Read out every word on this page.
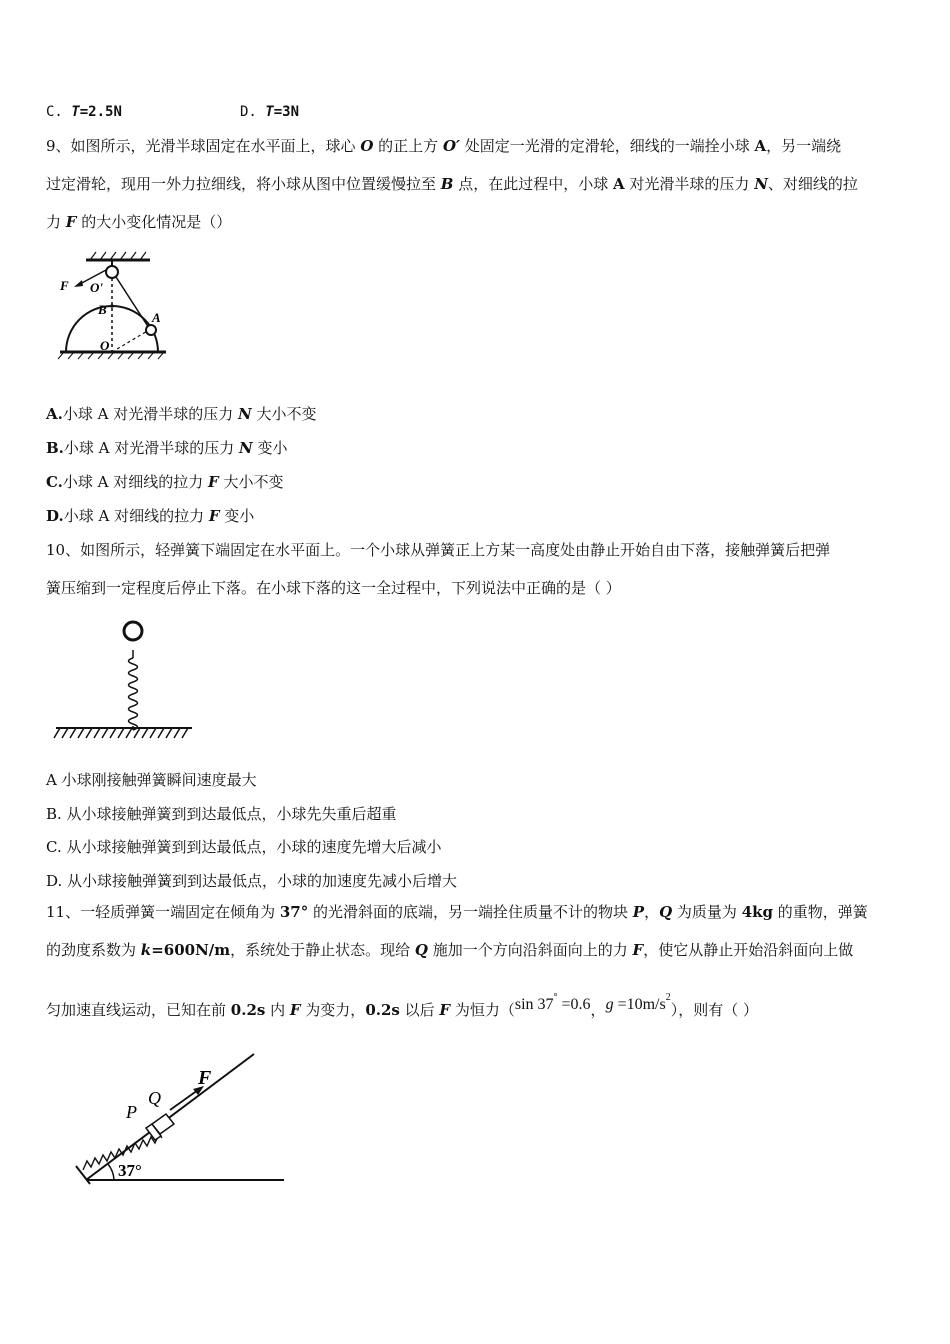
C. T=2.5N	D. T=3N
9、如图所示，光滑半球固定在水平面上，球心 O 的正上方 O′ 处固定一光滑的定滑轮，细线的一端拴小球 A，另一端绕
过定滑轮，现用一外力拉细线，将小球从图中位置缓慢拉至 B 点，在此过程中，小球 A 对光滑半球的压力 N、对细线的拉
力 F 的大小变化情况是（）
F O'
B
A
O
A.小球 A 对光滑半球的压力 N 大小不变
B.小球 A 对光滑半球的压力 N 变小
C.小球 A 对细线的拉力 F 大小不变
D.小球 A 对细线的拉力 F 变小
10、如图所示，轻弹簧下端固定在水平面上。一个小球从弹簧正上方某一高度处由静止开始自由下落，接触弹簧后把弹
簧压缩到一定程度后停止下落。在小球下落的这一全过程中，下列说法中正确的是（ ）
A 小球刚接触弹簧瞬间速度最大
B. 从小球接触弹簧到到达最低点，小球先失重后超重
C. 从小球接触弹簧到到达最低点，小球的速度先增大后减小
D. 从小球接触弹簧到到达最低点，小球的加速度先减小后增大
11、一轻质弹簧一端固定在倾角为 37° 的光滑斜面的底端，另一端拴住质量不计的物块 P，Q 为质量为 4kg 的重物，弹簧
的劲度系数为 k=600N/m，系统处于静止状态。现给 Q 施加一个方向沿斜面向上的力 F，使它从静止开始沿斜面向上做
匀加速直线运动，已知在前 0.2s 内 F 为变力，0.2s 以后 F 为恒力（sin 37° =0.6，$g =10m/s^2$），则有（ ）
F
Q
P
37°
